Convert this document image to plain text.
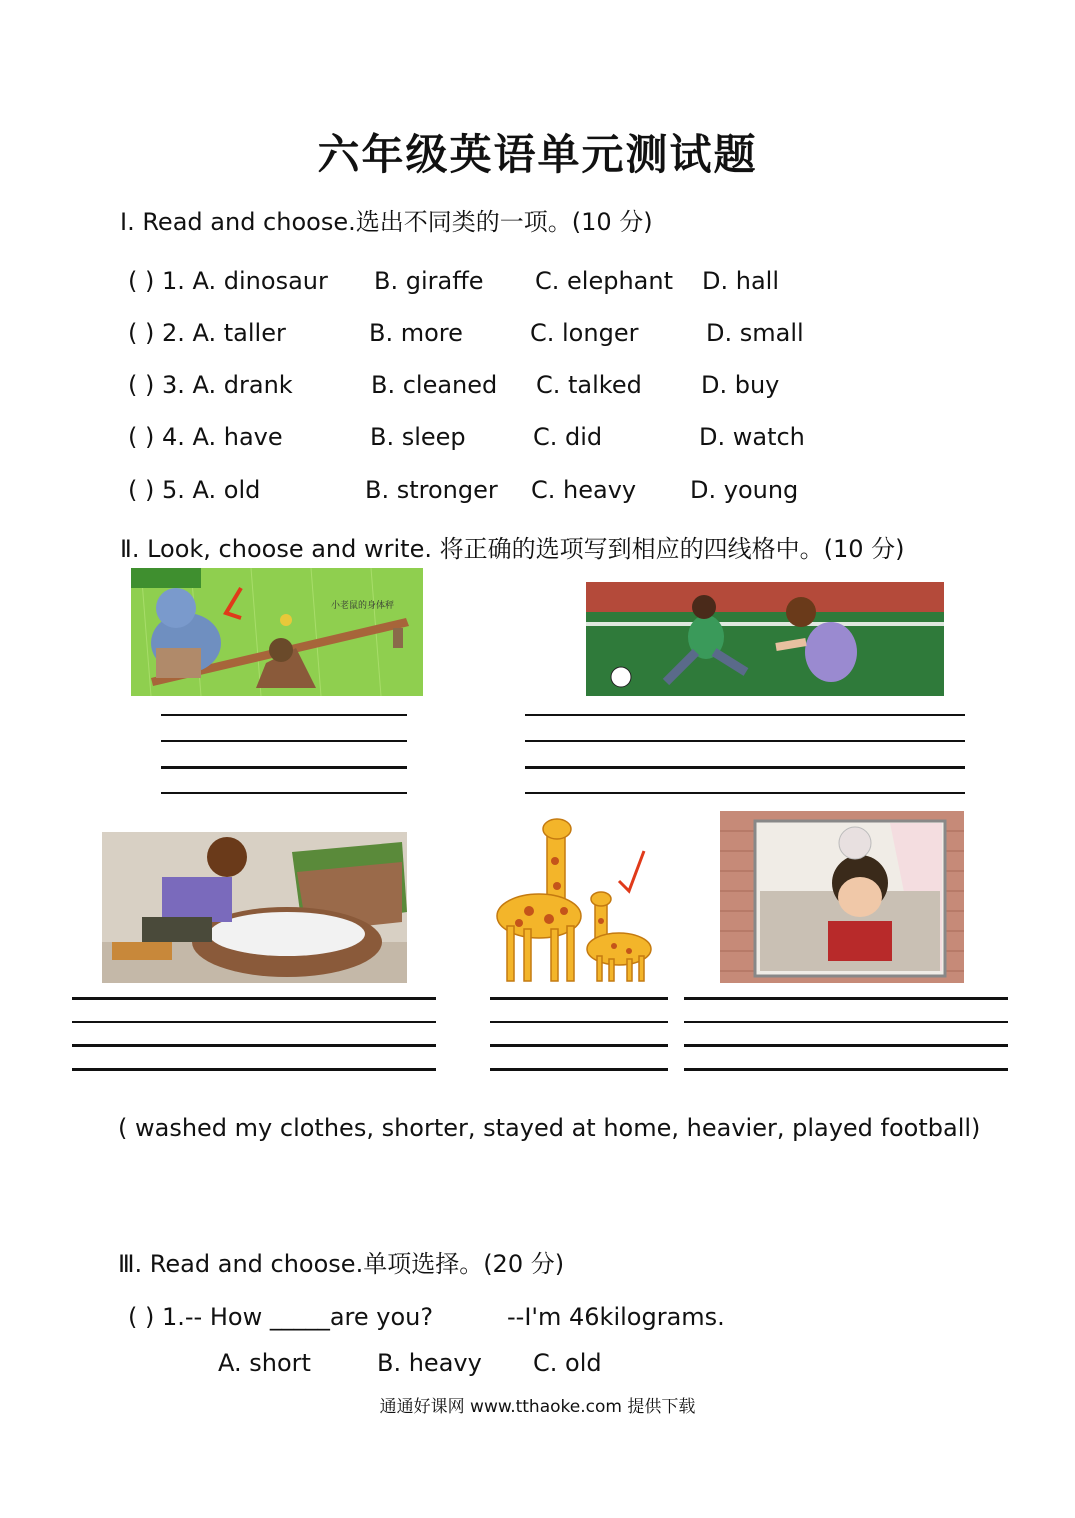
六年级英语单元测试题
Ⅰ. Read and choose.选出不同类的一项。(10 分)
( ) 1. A. dinosaur B. giraffe C. elephant D. hall
( ) 2. A. taller	B. more	C. longer	D. small
( ) 3. A. drank	B. cleaned C. talked D. buy
( ) 4. A. have	B. sleep	C. did	D. watch
( ) 5. A. old	B. stronger C. heavy D. young
Ⅱ. Look, choose and write. 将正确的选项写到相应的四线格中。(10 分)
小老鼠的身体秤
( washed my clothes, shorter, stayed at home, heavier, played football)
Ⅲ. Read and choose.单项选择。(20 分)
( ) 1.-- How _____are you?	--I'm 46kilograms.
A. short	B. heavy C. old
通通好课网 www.tthaoke.com 提供下载
